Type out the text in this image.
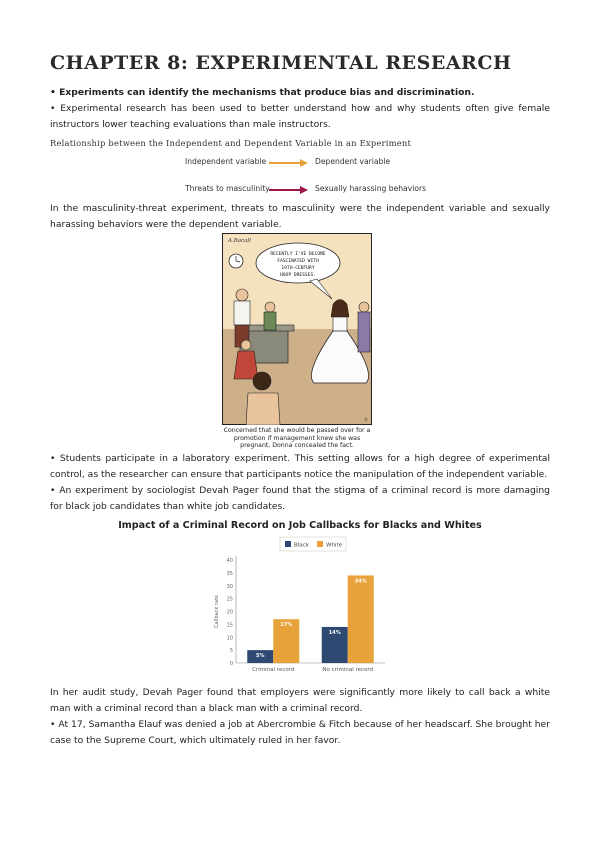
CHAPTER 8: EXPERIMENTAL RESEARCH

• Experiments can identify the mechanisms that produce bias and discrimination.

• Experimental research has been used to better understand how and why students often give female instructors lower teaching evaluations than male instructors.

Relationship between the Independent and Dependent Variable in an Experiment

Independent variable	Dependent variable
Threats to masculinity	Sexually harassing behaviors

In the masculinity-threat experiment, threats to masculinity were the independent variable and sexually harassing behaviors were the dependent variable.

A.Bacall
RECENTLY I'VE BECOME
FASCINATED WITH
19TH-CENTURY
HOOP DRESSES.
©

Concerned that she would be passed over for a promotion if management knew she was pregnant, Donna concealed the fact.

• Students participate in a laboratory experiment. This setting allows for a high degree of experimental control, as the researcher can ensure that participants notice the manipulation of the independent variable.

• An experiment by sociologist Devah Pager found that the stigma of a criminal record is more damaging for black job candidates than white job candidates.

Impact of a Criminal Record on Job Callbacks for Blacks and Whites

Black	White
0
5
10
15
20
25
30
35
40
Callback rate
5%
17%
Criminal record
14%
34%
No criminal record

In her audit study, Devah Pager found that employers were significantly more likely to call back a white man with a criminal record than a black man with a criminal record.

• At 17, Samantha Elauf was denied a job at Abercrombie & Fitch because of her headscarf. She brought her case to the Supreme Court, which ultimately ruled in her favor.
